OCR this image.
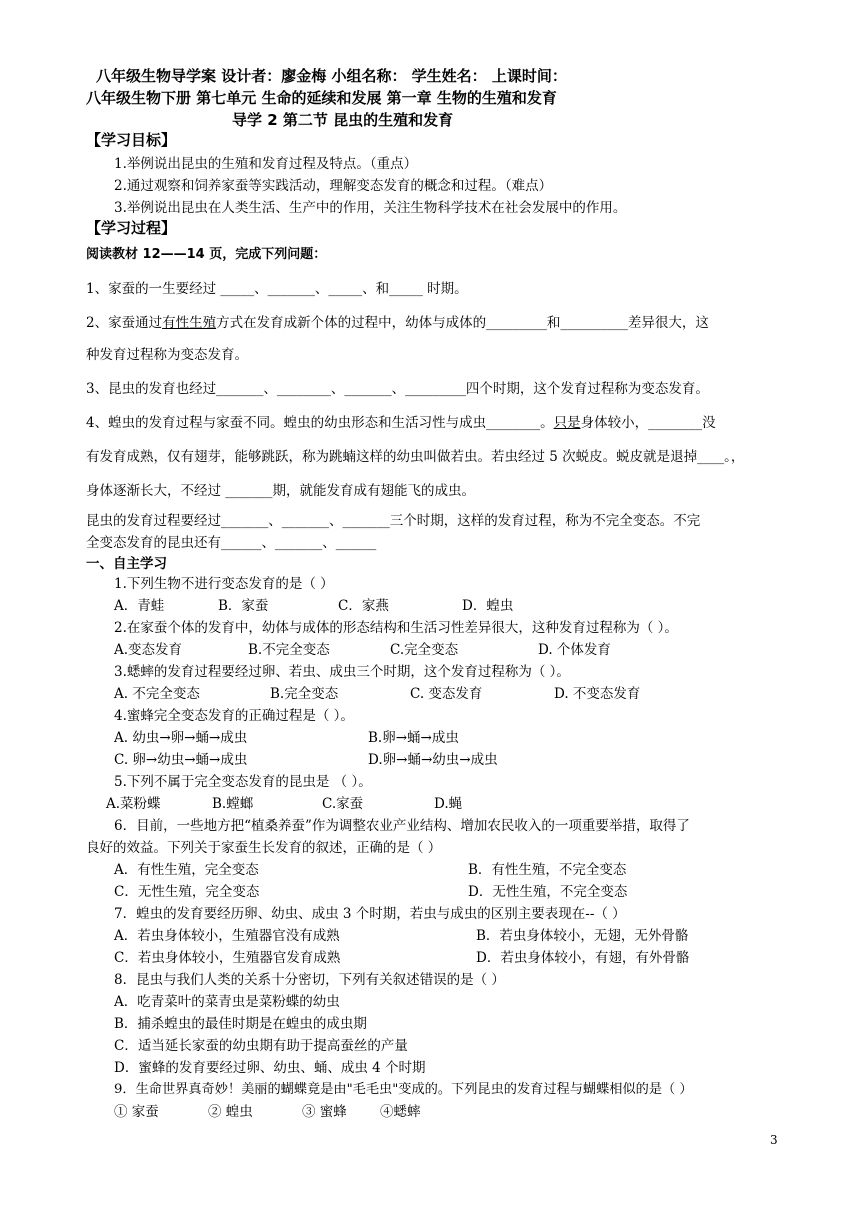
八年级生物导学案 设计者：廖金梅 小组名称： 学生姓名： 上课时间：
八年级生物下册 第七单元 生命的延续和发展 第一章 生物的生殖和发育
导学 2 第二节 昆虫的生殖和发育
【学习目标】
1.举例说出昆虫的生殖和发育过程及特点。（重点）
2.通过观察和饲养家蚕等实践活动，理解变态发育的概念和过程。（难点）
3.举例说出昆虫在人类生活、生产中的作用，关注生物科学技术在社会发展中的作用。
【学习过程】
阅读教材 12——14 页，完成下列问题：
1、家蚕的一生要经过 _____、_______、_____、和_____ 时期。
2、家蚕通过有性生殖方式在发育成新个体的过程中，幼体与成体的_________和__________差异很大，这
种发育过程称为变态发育。
3、昆虫的发育也经过_______、________、_______、_________四个时期，这个发育过程称为变态发育。
4、蝗虫的发育过程与家蚕不同。蝗虫的幼虫形态和生活习性与成虫________。只是身体较小，________没
有发育成熟，仅有翅芽，能够跳跃，称为跳蝻这样的幼虫叫做若虫。若虫经过 5 次蜕皮。蜕皮就是退掉____。，
身体逐渐长大，不经过 _______期，就能发育成有翅能飞的成虫。
昆虫的发育过程要经过_______、_______、_______三个时期，这样的发育过程，称为不完全变态。不完
全变态发育的昆虫还有______、_______、______
一、自主学习
1.下列生物不进行变态发育的是（ ）
A．青蛙	B．家蚕	C．家燕	D．蝗虫
2.在家蚕个体的发育中，幼体与成体的形态结构和生活习性差异很大，这种发育过程称为（ ）。
A.变态发育	B.不完全变态	C.完全变态	D. 个体发育
3.蟋蟀的发育过程要经过卵、若虫、成虫三个时期，这个发育过程称为（ ）。
A. 不完全变态	B.完全变态	C. 变态发育	D. 不变态发育
4.蜜蜂完全变态发育的正确过程是（ ）。
A. 幼虫→卵→蛹→成虫	B.卵→蛹→成虫
C. 卵→幼虫→蛹→成虫	D.卵→蛹→幼虫→成虫
5.下列不属于完全变态发育的昆虫是 （ ）。
A.菜粉蝶	B.螳螂	C.家蚕	D.蝇
6．目前，一些地方把“植桑养蚕”作为调整农业产业结构、增加农民收入的一项重要举措，取得了
良好的效益。下列关于家蚕生长发育的叙述，正确的是（ ）
A．有性生殖，完全变态	B．有性生殖，不完全变态
C．无性生殖，完全变态	D．无性生殖，不完全变态
7．蝗虫的发育要经历卵、幼虫、成虫 3 个时期，若虫与成虫的区别主要表现在--（ ）
A．若虫身体较小，生殖器官没有成熟	B．若虫身体较小，无翅，无外骨骼
C．若虫身体较小，生殖器官发育成熟	D．若虫身体较小，有翅，有外骨骼
8．昆虫与我们人类的关系十分密切，下列有关叙述错误的是（ ）
A．吃青菜叶的菜青虫是菜粉蝶的幼虫
B．捕杀蝗虫的最佳时期是在蝗虫的成虫期
C．适当延长家蚕的幼虫期有助于提高蚕丝的产量
D．蜜蜂的发育要经过卵、幼虫、蛹、成虫 4 个时期
9．生命世界真奇妙！美丽的蝴蝶竟是由"毛毛虫"变成的。下列昆虫的发育过程与蝴蝶相似的是（ ）
① 家蚕	② 蝗虫	③ 蜜蜂 ④蟋蟀
3
